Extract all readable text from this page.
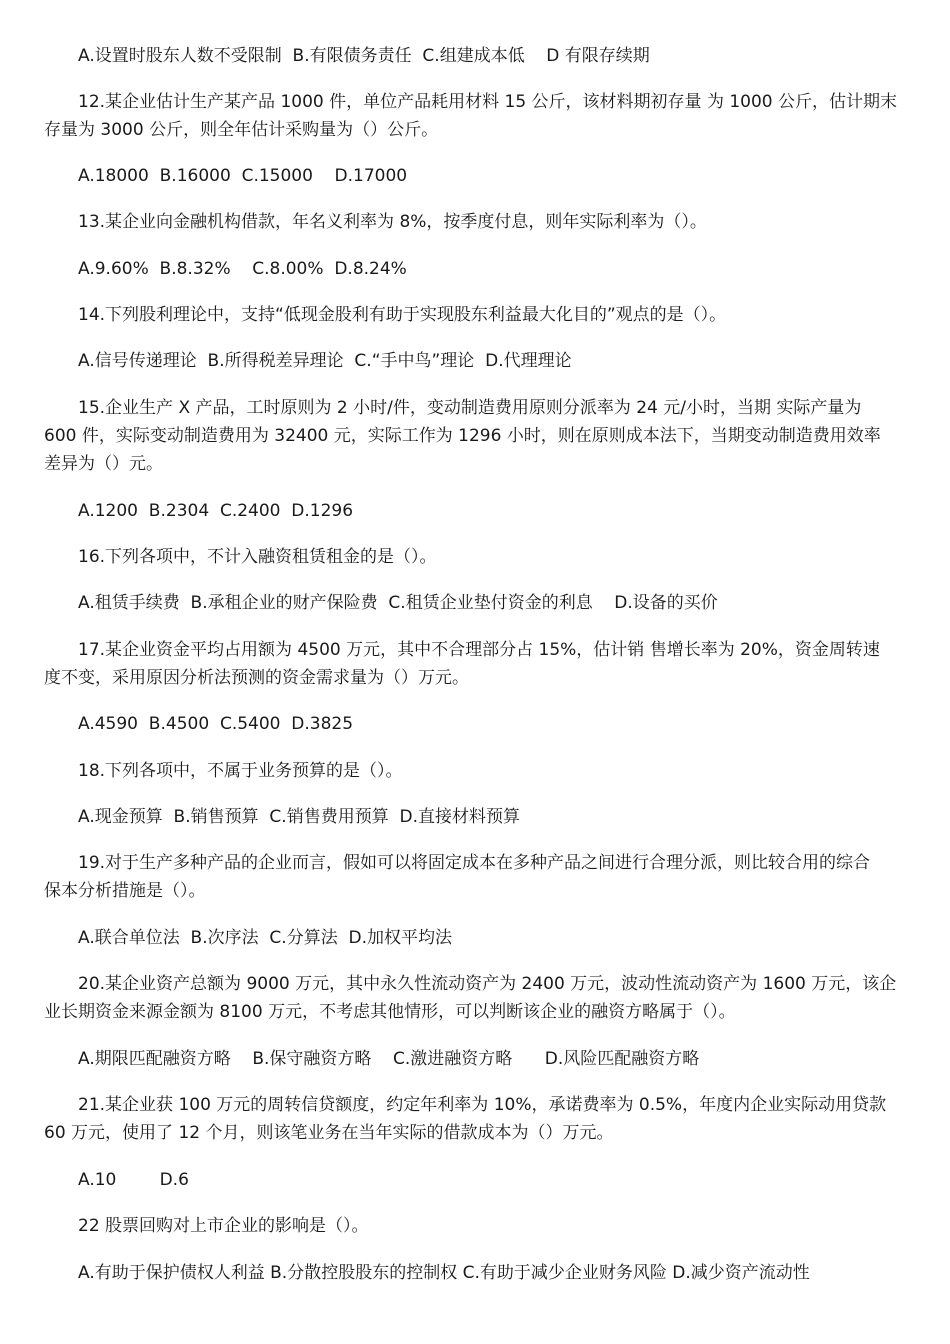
A.设置时股东人数不受限制  B.有限债务责任  C.组建成本低    D 有限存续期
12.某企业估计生产某产品 1000 件，单位产品耗用材料 15 公斤，该材料期初存量 为 1000 公斤，估计期末
存量为 3000 公斤，则全年估计采购量为（）公斤。
A.18000  B.16000  C.15000    D.17000
13.某企业向金融机构借款，年名义利率为 8%，按季度付息，则年实际利率为（）。
A.9.60%  B.8.32%    C.8.00%  D.8.24%
14.下列股利理论中，支持“低现金股利有助于实现股东利益最大化目的”观点的是（）。
A.信号传递理论  B.所得税差异理论  C.“手中鸟”理论  D.代理理论
15.企业生产 X 产品，工时原则为 2 小时/件，变动制造费用原则分派率为 24 元/小时，当期 实际产量为
600 件，实际变动制造费用为 32400 元，实际工作为 1296 小时，则在原则成本法下，当期变动制造费用效率
差异为（）元。
A.1200  B.2304  C.2400  D.1296
16.下列各项中，不计入融资租赁租金的是（）。
A.租赁手续费  B.承租企业的财产保险费  C.租赁企业垫付资金的利息    D.设备的买价
17.某企业资金平均占用额为 4500 万元，其中不合理部分占 15%，估计销 售增长率为 20%，资金周转速
度不变，采用原因分析法预测的资金需求量为（）万元。
A.4590  B.4500  C.5400  D.3825
18.下列各项中，不属于业务预算的是（）。
A.现金预算  B.销售预算  C.销售费用预算  D.直接材料预算
19.对于生产多种产品的企业而言，假如可以将固定成本在多种产品之间进行合理分派，则比较合用的综合
保本分析措施是（）。
A.联合单位法  B.次序法  C.分算法  D.加权平均法
20.某企业资产总额为 9000 万元，其中永久性流动资产为 2400 万元，波动性流动资产为 1600 万元，该企
业长期资金来源金额为 8100 万元，不考虑其他情形，可以判断该企业的融资方略属于（）。
A.期限匹配融资方略    B.保守融资方略    C.激进融资方略      D.风险匹配融资方略
21.某企业获 100 万元的周转信贷额度，约定年利率为 10%，承诺费率为 0.5%，年度内企业实际动用贷款
60 万元，使用了 12 个月，则该笔业务在当年实际的借款成本为（）万元。
A.10        D.6
22 股票回购对上市企业的影响是（）。
A.有助于保护债权人利益 B.分散控股股东的控制权 C.有助于减少企业财务风险 D.减少资产流动性
